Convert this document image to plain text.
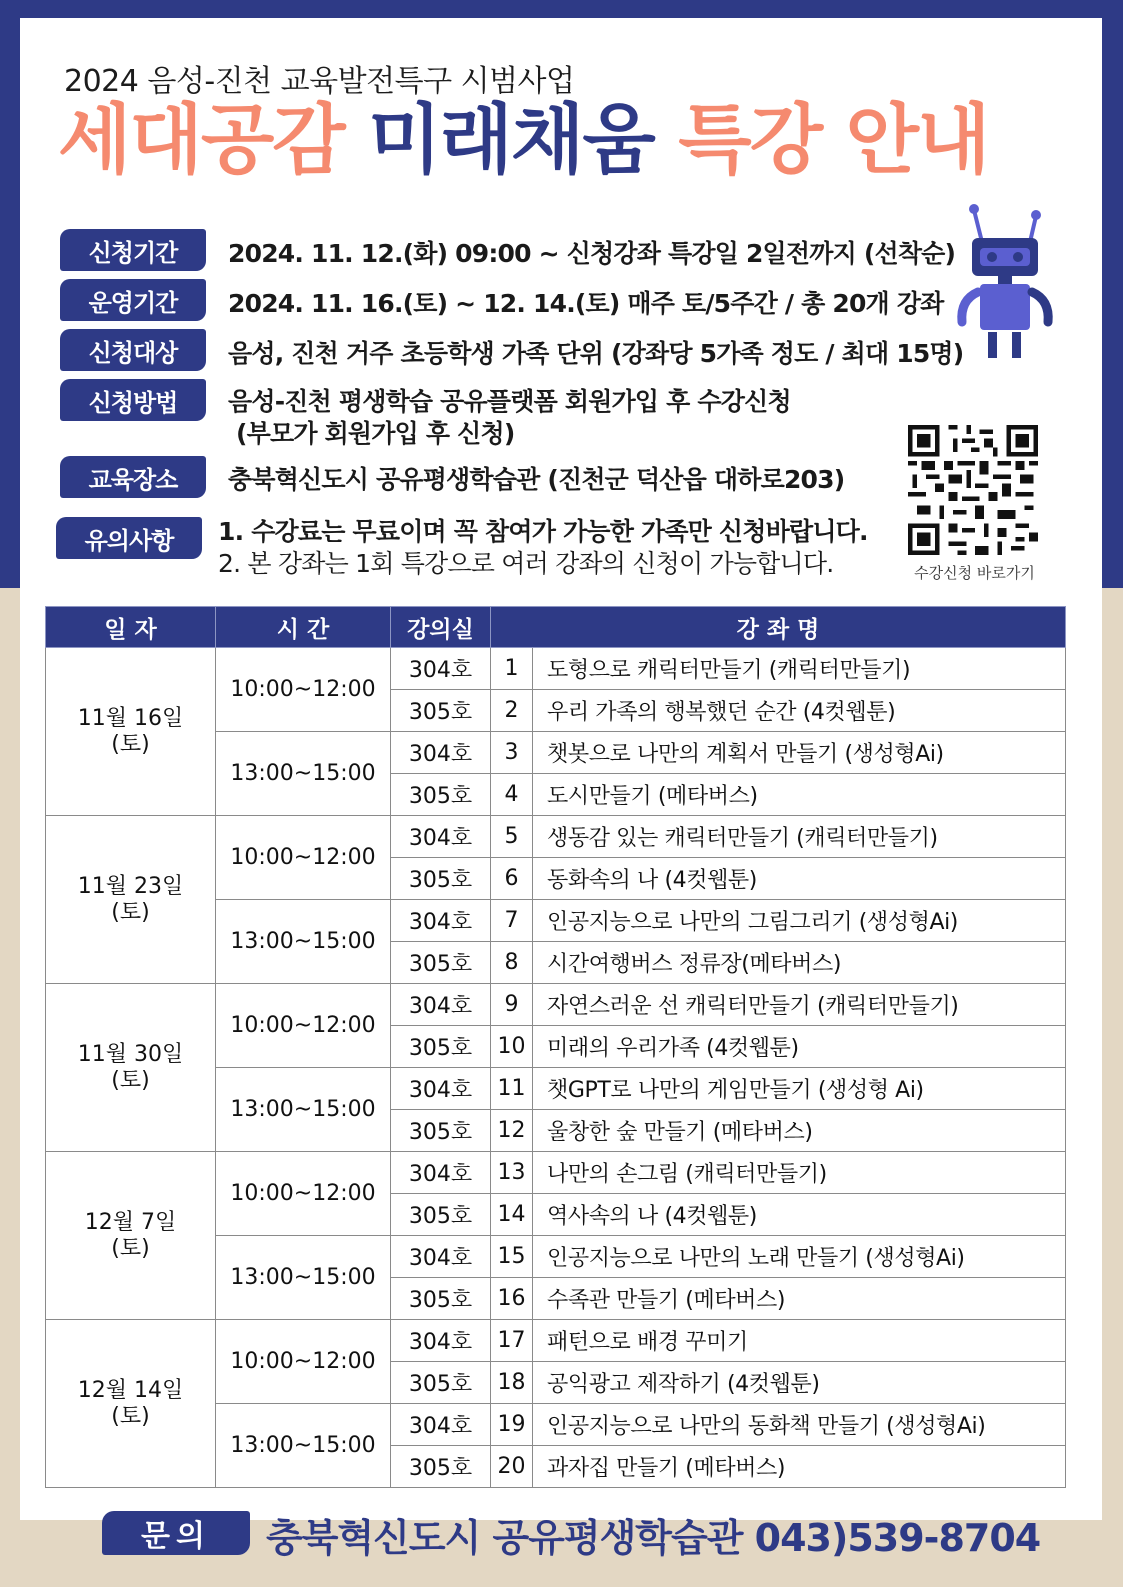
2024 음성-진천 교육발전특구 시범사업
세대공감 미래채움 특강 안내
신청기간	2024. 11. 12.(화) 09:00 ~ 신청강좌 특강일 2일전까지 (선착순)
운영기간	2024. 11. 16.(토) ~ 12. 14.(토) 매주 토/5주간 / 총 20개 강좌
신청대상	음성, 진천 거주 초등학생 가족 단위 (강좌당 5가족 정도 / 최대 15명)
신청방법	음성-진천 평생학습 공유플랫폼 회원가입 후 수강신청
(부모가 회원가입 후 신청)
교육장소	충북혁신도시 공유평생학습관 (진천군 덕산읍 대하로203)
유의사항	1. 수강료는 무료이며 꼭 참여가 가능한 가족만 신청바랍니다.
2. 본 강좌는 1회 특강으로 여러 강좌의 신청이 가능합니다.	수강신청 바로가기
일 자	시 간	강의실	강 좌 명	

11월 16일
(토)	10:00~12:00	304호	1	도형으로 캐릭터만들기 (캐릭터만들기)
		305호	2	우리 가족의 행복했던 순간 (4컷웹툰)
	13:00~15:00	304호	3	챗봇으로 나만의 계획서 만들기 (생성형Ai)
		305호	4	도시만들기 (메타버스)

11월 23일
(토)	10:00~12:00	304호	5	생동감 있는 캐릭터만들기 (캐릭터만들기)
		305호	6	동화속의 나 (4컷웹툰)
	13:00~15:00	304호	7	인공지능으로 나만의 그림그리기 (생성형Ai)
		305호	8	시간여행버스 정류장(메타버스)

11월 30일
(토)	10:00~12:00	304호	9	자연스러운 선 캐릭터만들기 (캐릭터만들기)
		305호	10	미래의 우리가족 (4컷웹툰)
	13:00~15:00	304호	11	챗GPT로 나만의 게임만들기 (생성형 Ai)
		305호	12	울창한 숲 만들기 (메타버스)

12월 7일
(토)	10:00~12:00	304호	13	나만의 손그림 (캐릭터만들기)
		305호	14	역사속의 나 (4컷웹툰)
	13:00~15:00	304호	15	인공지능으로 나만의 노래 만들기 (생성형Ai)
		305호	16	수족관 만들기 (메타버스)

12월 14일
(토)	10:00~12:00	304호	17	패턴으로 배경 꾸미기
		305호	18	공익광고 제작하기 (4컷웹툰)
	13:00~15:00	304호	19	인공지능으로 나만의 동화책 만들기 (생성형Ai)
		305호	20	과자집 만들기 (메타버스)
문의	충북혁신도시 공유평생학습관 043)539-8704
